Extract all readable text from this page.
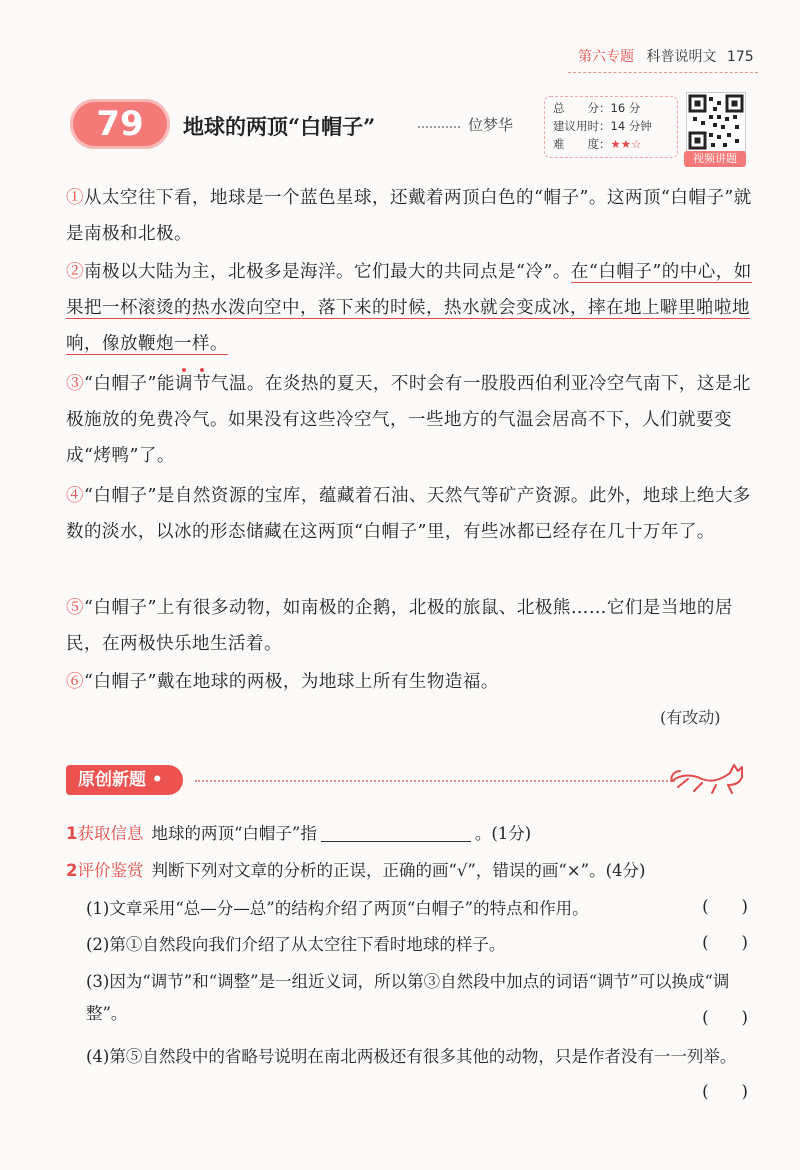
第六专题 科普说明文 175
79	地球的两顶“白帽子”	位梦华
总　　分：16 分
建议用时：14 分钟
难　　度：★★☆
视频讲题
①从太空往下看，地球是一个蓝色星球，还戴着两顶白色的“帽子”。这两顶“白帽子”就是南极和北极。
②南极以大陆为主，北极多是海洋。它们最大的共同点是“冷”。在“白帽子”的中心，如果把一杯滚烫的热水泼向空中，落下来的时候，热水就会变成冰，摔在地上噼里啪啦地响，像放鞭炮一样。
③“白帽子”能调节气温。在炎热的夏天，不时会有一股股西伯利亚冷空气南下，这是北极施放的免费冷气。如果没有这些冷空气，一些地方的气温会居高不下，人们就要变成“烤鸭”了。
④“白帽子”是自然资源的宝库，蕴藏着石油、天然气等矿产资源。此外，地球上绝大多数的淡水，以冰的形态储藏在这两顶“白帽子”里，有些冰都已经存在几十万年了。
⑤“白帽子”上有很多动物，如南极的企鹅，北极的旅鼠、北极熊……它们是当地的居民，在两极快乐地生活着。
⑥“白帽子”戴在地球的两极，为地球上所有生物造福。
(有改动)
原创新题 •
1获取信息 地球的两顶“白帽子”指	。(1分)
2评价鉴赏 判断下列对文章的分析的正误，正确的画“√”，错误的画“×”。(4分)
(1)文章采用“总—分—总”的结构介绍了两顶“白帽子”的特点和作用。	(　　)
(2)第①自然段向我们介绍了从太空往下看时地球的样子。	(　　)
(3)因为“调节”和“调整”是一组近义词，所以第③自然段中加点的词语“调节”可以换成“调整”。	(　　)
(4)第⑤自然段中的省略号说明在南北两极还有很多其他的动物，只是作者没有一一列举。
(　　)
